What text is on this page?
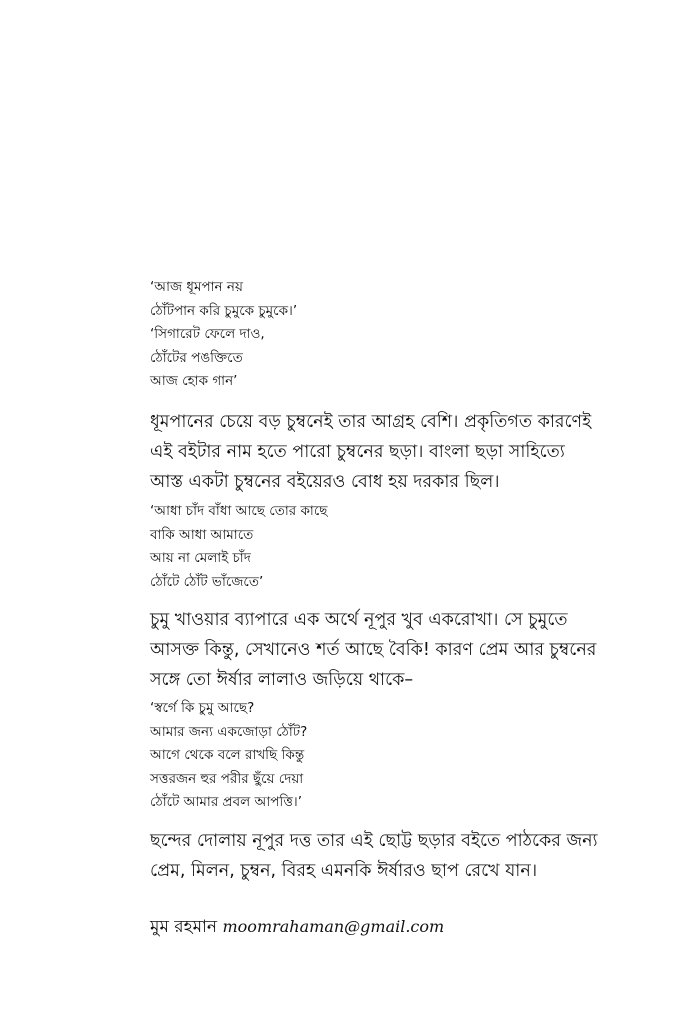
‘আজ ধূমপান নয়
ঠোঁটপান করি চুমুকে চুমুকে।’
‘সিগারেট ফেলে দাও,
ঠোঁটের পঙক্তিতে
আজ হোক গান’
ধূমপানের চেয়ে বড় চুম্বনেই তার আগ্রহ বেশি। প্রকৃতিগত কারণেই
এই বইটার নাম হতে পারো চুম্বনের ছড়া। বাংলা ছড়া সাহিত্যে
আস্ত একটা চুম্বনের বইয়েরও বোধ হয় দরকার ছিল।
‘আধা চাঁদ বাঁধা আছে তোর কাছে
বাকি আধা আমাতে
আয় না মেলাই চাঁদ
ঠোঁটে ঠোঁট ভাঁজেতে’
চুমু খাওয়ার ব্যাপারে এক অর্থে নূপুর খুব একরোখা। সে চুমুতে
আসক্ত কিন্তু, সেখানেও শর্ত আছে বৈকি! কারণ প্রেম আর চুম্বনের
সঙ্গে তো ঈর্ষার লালাও জড়িয়ে থাকে–
‘স্বর্গে কি চুমু আছে?
আমার জন্য একজোড়া ঠোঁট?
আগে থেকে বলে রাখছি কিন্তু
সত্তরজন হুর পরীর ছুঁয়ে দেয়া
ঠোঁটে আমার প্রবল আপত্তি।’
ছন্দের দোলায় নূপুর দত্ত তার এই ছোট্ট ছড়ার বইতে পাঠকের জন্য
প্রেম, মিলন, চুম্বন, বিরহ এমনকি ঈর্ষারও ছাপ রেখে যান।
মুম রহমান moomrahaman@gmail.com
